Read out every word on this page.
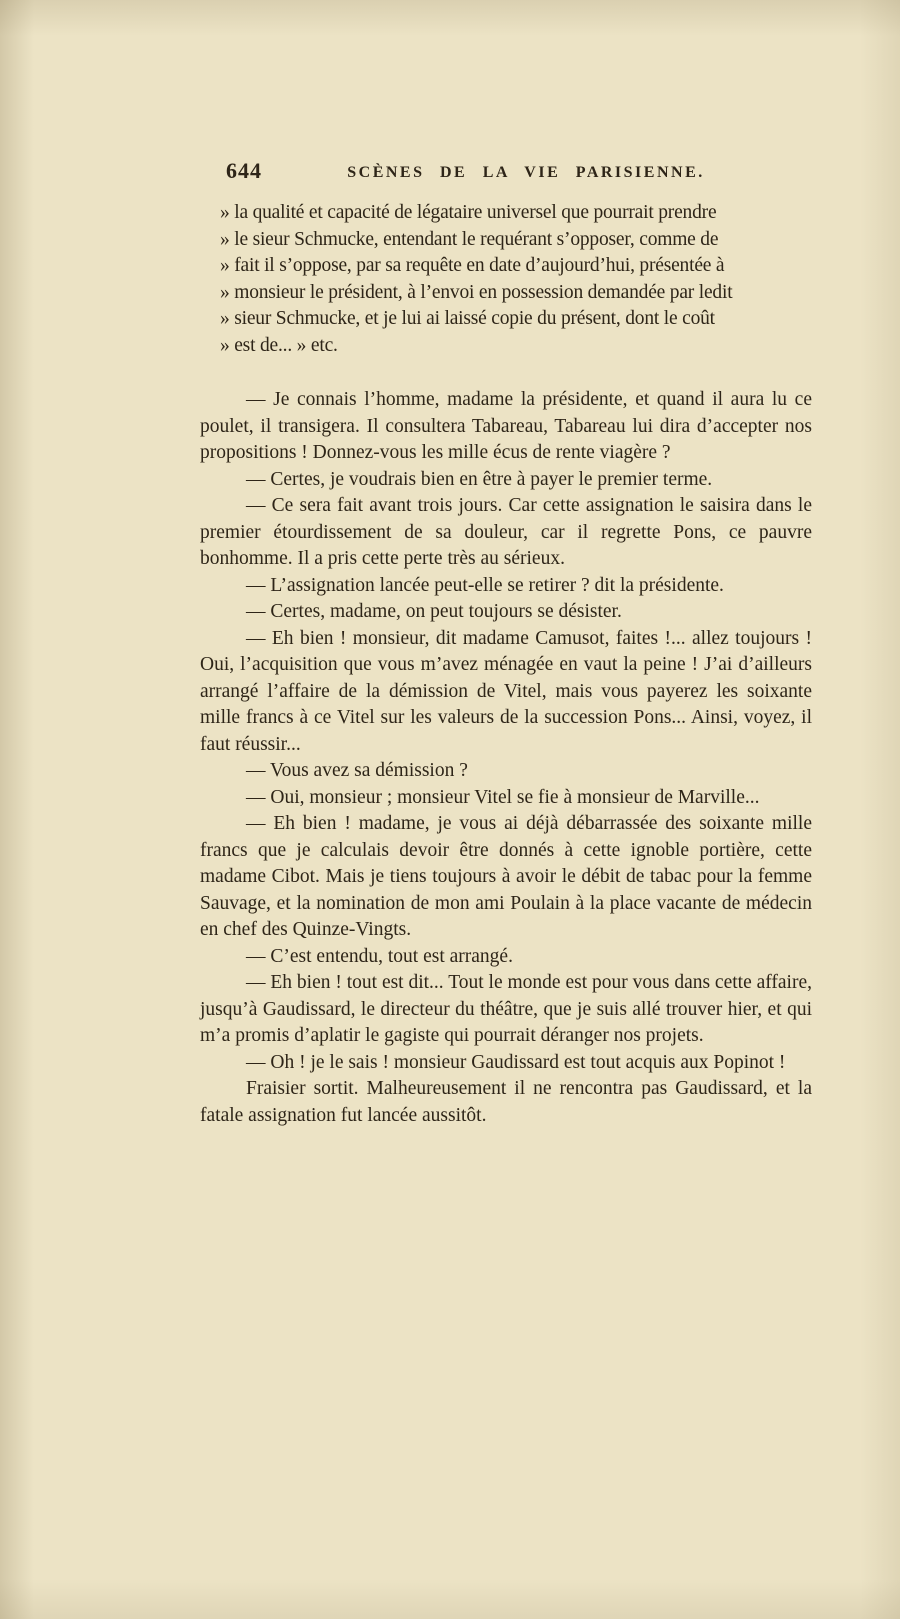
644	SCÈNES DE LA VIE PARISIENNE.
» la qualité et capacité de légataire universel que pourrait prendre
» le sieur Schmucke, entendant le requérant s’opposer, comme de
» fait il s’oppose, par sa requête en date d’aujourd’hui, présentée à
» monsieur le président, à l’envoi en possession demandée par ledit
» sieur Schmucke, et je lui ai laissé copie du présent, dont le coût
» est de... » etc.

— Je connais l’homme, madame la présidente, et quand il aura lu ce poulet, il transigera. Il consultera Tabareau, Tabareau lui dira d’accepter nos propositions ! Donnez-vous les mille écus de rente viagère ?

— Certes, je voudrais bien en être à payer le premier terme.

— Ce sera fait avant trois jours. Car cette assignation le saisira dans le premier étourdissement de sa douleur, car il regrette Pons, ce pauvre bonhomme. Il a pris cette perte très au sérieux.

— L’assignation lancée peut-elle se retirer ? dit la présidente.

— Certes, madame, on peut toujours se désister.

— Eh bien ! monsieur, dit madame Camusot, faites !... allez toujours ! Oui, l’acquisition que vous m’avez ménagée en vaut la peine ! J’ai d’ailleurs arrangé l’affaire de la démission de Vitel, mais vous payerez les soixante mille francs à ce Vitel sur les valeurs de la succession Pons... Ainsi, voyez, il faut réussir...

— Vous avez sa démission ?

— Oui, monsieur ; monsieur Vitel se fie à monsieur de Marville...

— Eh bien ! madame, je vous ai déjà débarrassée des soixante mille francs que je calculais devoir être donnés à cette ignoble portière, cette madame Cibot. Mais je tiens toujours à avoir le débit de tabac pour la femme Sauvage, et la nomination de mon ami Poulain à la place vacante de médecin en chef des Quinze-Vingts.

— C’est entendu, tout est arrangé.

— Eh bien ! tout est dit... Tout le monde est pour vous dans cette affaire, jusqu’à Gaudissard, le directeur du théâtre, que je suis allé trouver hier, et qui m’a promis d’aplatir le gagiste qui pourrait déranger nos projets.

— Oh ! je le sais ! monsieur Gaudissard est tout acquis aux Popinot !

Fraisier sortit. Malheureusement il ne rencontra pas Gaudissard, et la fatale assignation fut lancée aussitôt.
